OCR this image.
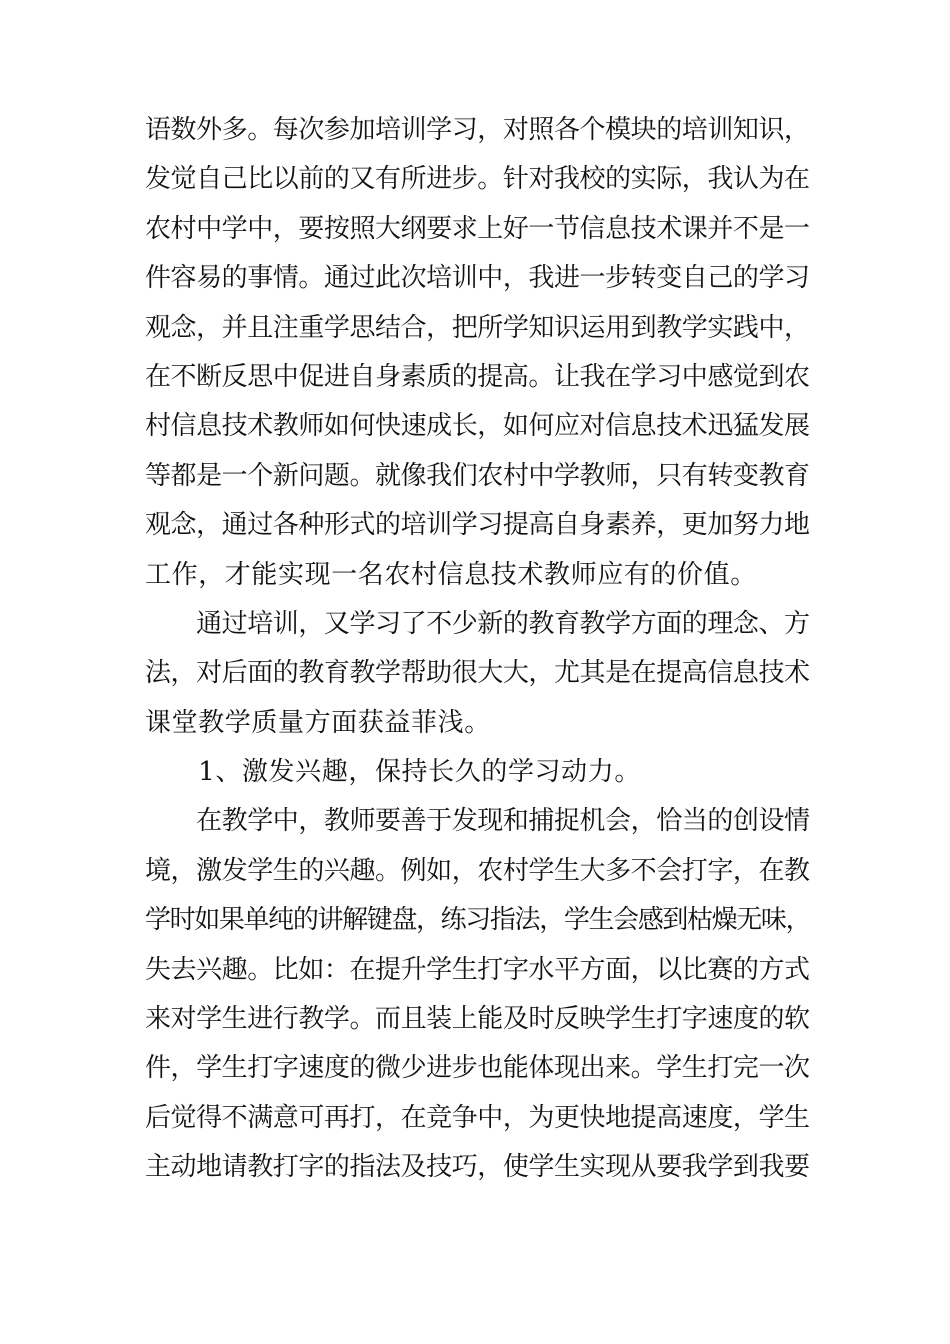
语数外多。每次参加培训学习，对照各个模块的培训知识，
发觉自己比以前的又有所进步。针对我校的实际，我认为在
农村中学中，要按照大纲要求上好一节信息技术课并不是一
件容易的事情。通过此次培训中，我进一步转变自己的学习
观念，并且注重学思结合，把所学知识运用到教学实践中，
在不断反思中促进自身素质的提高。让我在学习中感觉到农
村信息技术教师如何快速成长，如何应对信息技术迅猛发展
等都是一个新问题。就像我们农村中学教师，只有转变教育
观念，通过各种形式的培训学习提高自身素养，更加努力地
工作，才能实现一名农村信息技术教师应有的价值。
　　通过培训，又学习了不少新的教育教学方面的理念、方
法，对后面的教育教学帮助很大大，尤其是在提高信息技术
课堂教学质量方面获益菲浅。
　　1、激发兴趣，保持长久的学习动力。
　　在教学中，教师要善于发现和捕捉机会，恰当的创设情
境，激发学生的兴趣。例如，农村学生大多不会打字，在教
学时如果单纯的讲解键盘，练习指法，学生会感到枯燥无味，
失去兴趣。比如：在提升学生打字水平方面，以比赛的方式
来对学生进行教学。而且装上能及时反映学生打字速度的软
件，学生打字速度的微少进步也能体现出来。学生打完一次
后觉得不满意可再打，在竞争中，为更快地提高速度，学生
主动地请教打字的指法及技巧，使学生实现从要我学到我要
